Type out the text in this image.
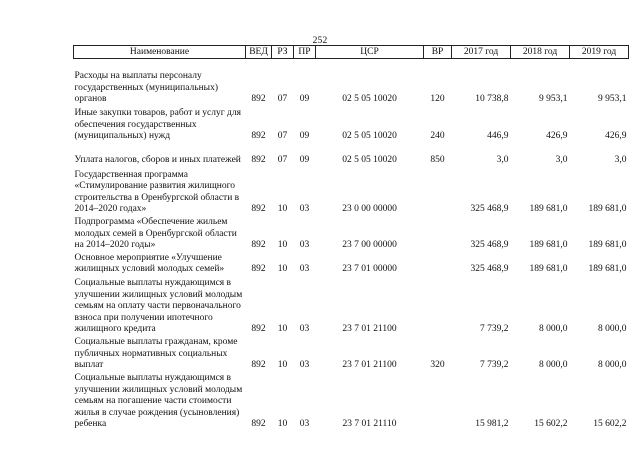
252
Наименование	ВЕД	РЗ	ПР	ЦСР	ВР	2017 год	2018 год	2019 год
Расходы на выплаты персоналу государственных (муниципальных) органов	892	07	09	02 5 05 10020	120	10 738,8	9 953,1	9 953,1
Иные закупки товаров, работ и услуг для обеспечения государственных (муниципальных) нужд	892	07	09	02 5 05 10020	240	446,9	426,9	426,9
Уплата налогов, сборов и иных платежей	892	07	09	02 5 05 10020	850	3,0	3,0	3,0
Государственная программа «Стимулирование развития жилищного строительства в Оренбургской области в 2014–2020 годах»	892	10	03	23 0 00 00000		325 468,9	189 681,0	189 681,0
Подпрограмма «Обеспечение жильем молодых семей в Оренбургской области на 2014–2020 годы»	892	10	03	23 7 00 00000		325 468,9	189 681,0	189 681,0
Основное мероприятие «Улучшение жилищных условий молодых семей»	892	10	03	23 7 01 00000		325 468,9	189 681,0	189 681,0
Социальные выплаты нуждающимся в улучшении жилищных условий молодым семьям на оплату части первоначального взноса при получении ипотечного жилищного кредита	892	10	03	23 7 01 21100		7 739,2	8 000,0	8 000,0
Социальные выплаты гражданам, кроме публичных нормативных социальных выплат	892	10	03	23 7 01 21100	320	7 739,2	8 000,0	8 000,0
Социальные выплаты нуждающимся в улучшении жилищных условий молодым семьям на погашение части стоимости жилья в случае рождения (усыновления) ребенка	892	10	03	23 7 01 21110		15 981,2	15 602,2	15 602,2
